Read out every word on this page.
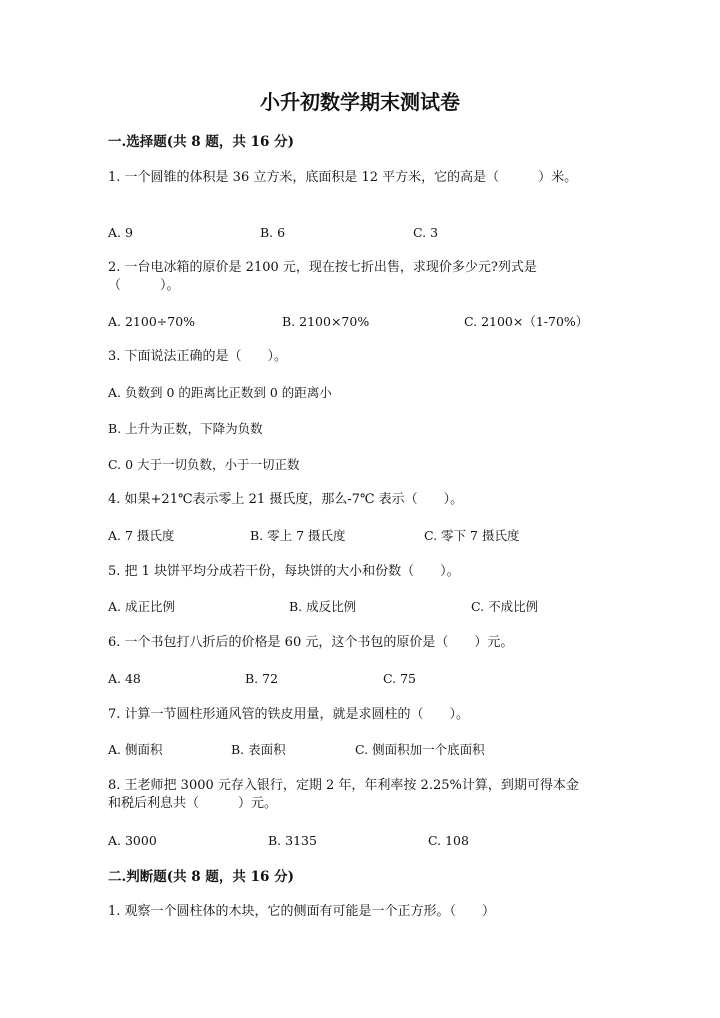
小升初数学期末测试卷
一.选择题(共 8 题，共 16 分)
1. 一个圆锥的体积是 36 立方米，底面积是 12 平方米，它的高是（　　　）米。
A. 9	B. 6	C. 3
2. 一台电冰箱的原价是 2100 元，现在按七折出售，求现价多少元?列式是
（　　　）。
A. 2100÷70%	B. 2100×70%	C. 2100×（1-70%）
3. 下面说法正确的是（　　）。
A. 负数到 0 的距离比正数到 0 的距离小
B. 上升为正数，下降为负数
C. 0 大于一切负数，小于一切正数
4. 如果+21℃表示零上 21 摄氏度，那么-7℃ 表示（　　）。
A. 7 摄氏度	B. 零上 7 摄氏度	C. 零下 7 摄氏度
5. 把 1 块饼平均分成若干份，每块饼的大小和份数（　　）。
A. 成正比例	B. 成反比例	C. 不成比例
6. 一个书包打八折后的价格是 60 元，这个书包的原价是（　　）元。
A. 48	B. 72	C. 75
7. 计算一节圆柱形通风管的铁皮用量，就是求圆柱的（　　）。
A. 侧面积	B. 表面积	C. 侧面积加一个底面积
8. 王老师把 3000 元存入银行，定期 2 年，年利率按 2.25%计算，到期可得本金
和税后利息共（　　　）元。
A. 3000	B. 3135	C. 108
二.判断题(共 8 题，共 16 分)
1. 观察一个圆柱体的木块，它的侧面有可能是一个正方形。（　　）
